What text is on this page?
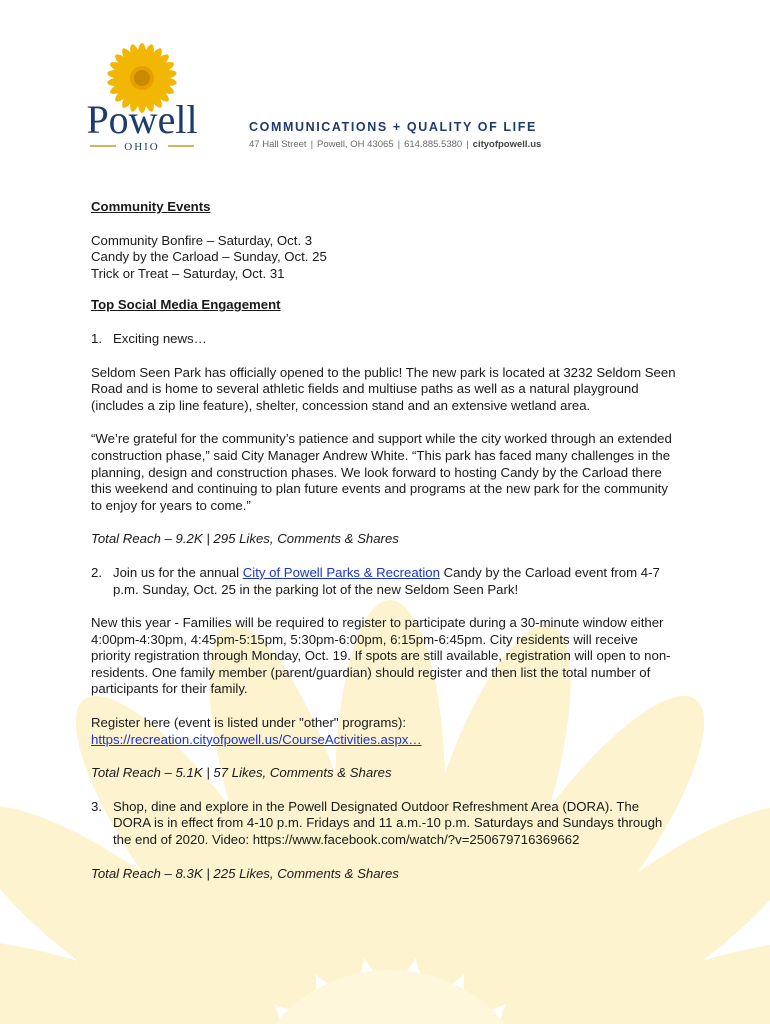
Powell
OHIO
COMMUNICATIONS + QUALITY OF LIFE
47 Hall Street | Powell, OH 43065 | 614.885.5380 | cityofpowell.us

Community Events

Community Bonfire – Saturday, Oct. 3

Candy by the Carload – Sunday, Oct. 25

Trick or Treat – Saturday, Oct. 31

Top Social Media Engagement

1. Exciting news…

Seldom Seen Park has officially opened to the public! The new park is located at 3232 Seldom Seen Road and is home to several athletic fields and multiuse paths as well as a natural playground (includes a zip line feature), shelter, concession stand and an extensive wetland area.

“We’re grateful for the community’s patience and support while the city worked through an extended construction phase,” said City Manager Andrew White. “This park has faced many challenges in the planning, design and construction phases. We look forward to hosting Candy by the Carload there this weekend and continuing to plan future events and programs at the new park for the community to enjoy for years to come.”

Total Reach – 9.2K | 295 Likes, Comments & Shares

2. Join us for the annual City of Powell Parks & Recreation Candy by the Carload event from 4-7 p.m. Sunday, Oct. 25 in the parking lot of the new Seldom Seen Park!

New this year - Families will be required to register to participate during a 30-minute window either 4:00pm-4:30pm, 4:45pm-5:15pm, 5:30pm-6:00pm, 6:15pm-6:45pm. City residents will receive priority registration through Monday, Oct. 19. If spots are still available, registration will open to non-residents. One family member (parent/guardian) should register and then list the total number of participants for their family.

Register here (event is listed under "other" programs): https://recreation.cityofpowell.us/CourseActivities.aspx…

Total Reach – 5.1K | 57 Likes, Comments & Shares

3. Shop, dine and explore in the Powell Designated Outdoor Refreshment Area (DORA). The DORA is in effect from 4-10 p.m. Fridays and 11 a.m.-10 p.m. Saturdays and Sundays through the end of 2020. Video: https://www.facebook.com/watch/?v=250679716369662

Total Reach – 8.3K | 225 Likes, Comments & Shares
